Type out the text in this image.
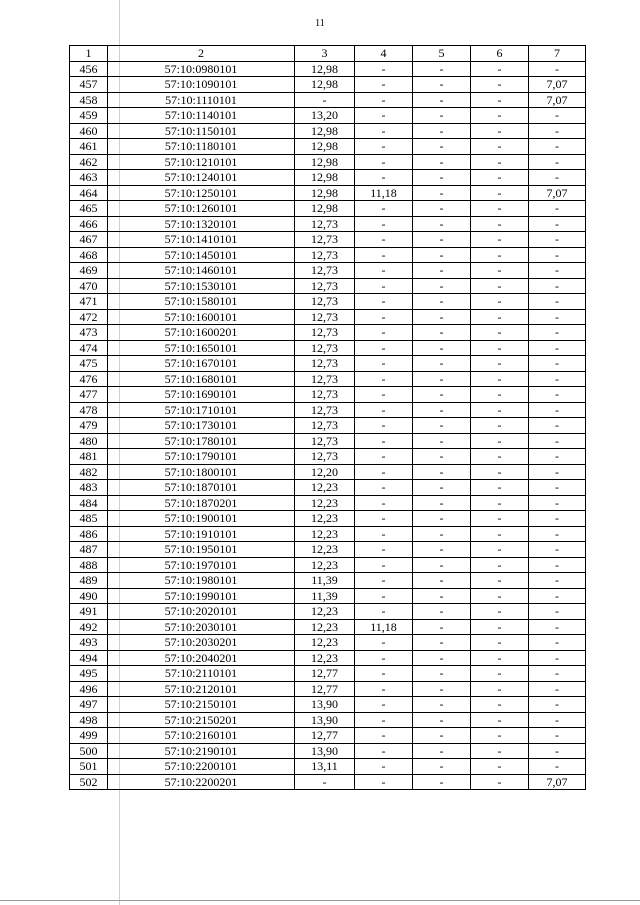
11
1	2	3	4	5	6	7
456	57:10:0980101	12,98	-	-	-	-
457	57:10:1090101	12,98	-	-	-	7,07
458	57:10:1110101	-	-	-	-	7,07
459	57:10:1140101	13,20	-	-	-	-
460	57:10:1150101	12,98	-	-	-	-
461	57:10:1180101	12,98	-	-	-	-
462	57:10:1210101	12,98	-	-	-	-
463	57:10:1240101	12,98	-	-	-	-
464	57:10:1250101	12,98	11,18	-	-	7,07
465	57:10:1260101	12,98	-	-	-	-
466	57:10:1320101	12,73	-	-	-	-
467	57:10:1410101	12,73	-	-	-	-
468	57:10:1450101	12,73	-	-	-	-
469	57:10:1460101	12,73	-	-	-	-
470	57:10:1530101	12,73	-	-	-	-
471	57:10:1580101	12,73	-	-	-	-
472	57:10:1600101	12,73	-	-	-	-
473	57:10:1600201	12,73	-	-	-	-
474	57:10:1650101	12,73	-	-	-	-
475	57:10:1670101	12,73	-	-	-	-
476	57:10:1680101	12,73	-	-	-	-
477	57:10:1690101	12,73	-	-	-	-
478	57:10:1710101	12,73	-	-	-	-
479	57:10:1730101	12,73	-	-	-	-
480	57:10:1780101	12,73	-	-	-	-
481	57:10:1790101	12,73	-	-	-	-
482	57:10:1800101	12,20	-	-	-	-
483	57:10:1870101	12,23	-	-	-	-
484	57:10:1870201	12,23	-	-	-	-
485	57:10:1900101	12,23	-	-	-	-
486	57:10:1910101	12,23	-	-	-	-
487	57:10:1950101	12,23	-	-	-	-
488	57:10:1970101	12,23	-	-	-	-
489	57:10:1980101	11,39	-	-	-	-
490	57:10:1990101	11,39	-	-	-	-
491	57:10:2020101	12,23	-	-	-	-
492	57:10:2030101	12,23	11,18	-	-	-
493	57:10:2030201	12,23	-	-	-	-
494	57:10:2040201	12,23	-	-	-	-
495	57:10:2110101	12,77	-	-	-	-
496	57:10:2120101	12,77	-	-	-	-
497	57:10:2150101	13,90	-	-	-	-
498	57:10:2150201	13,90	-	-	-	-
499	57:10:2160101	12,77	-	-	-	-
500	57:10:2190101	13,90	-	-	-	-
501	57:10:2200101	13,11	-	-	-	-
502	57:10:2200201	-	-	-	-	7,07
